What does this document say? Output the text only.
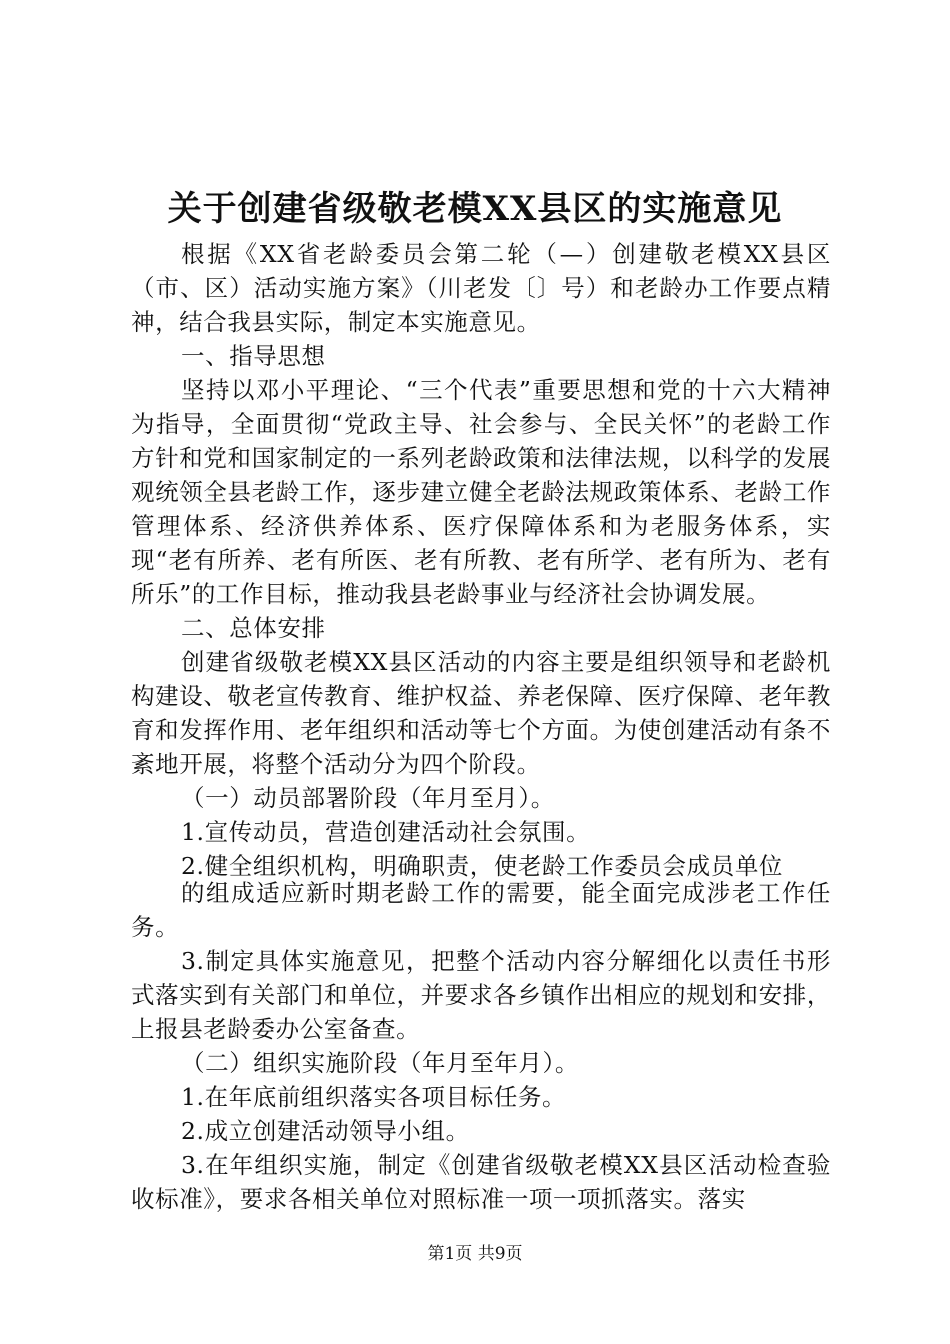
关于创建省级敬老模XX县区的实施意见

根据《XX省老龄委员会第二轮（—）创建敬老模XX县区（市、区）活动实施方案》（川老发〔〕号）和老龄办工作要点精神，结合我县实际，制定本实施意见。

一、指导思想

坚持以邓小平理论、“三个代表”重要思想和党的十六大精神为指导，全面贯彻“党政主导、社会参与、全民关怀”的老龄工作方针和党和国家制定的一系列老龄政策和法律法规，以科学的发展观统领全县老龄工作，逐步建立健全老龄法规政策体系、老龄工作管理体系、经济供养体系、医疗保障体系和为老服务体系，实现“老有所养、老有所医、老有所教、老有所学、老有所为、老有所乐”的工作目标，推动我县老龄事业与经济社会协调发展。

二、总体安排

创建省级敬老模XX县区活动的内容主要是组织领导和老龄机构建设、敬老宣传教育、维护权益、养老保障、医疗保障、老年教育和发挥作用、老年组织和活动等七个方面。为使创建活动有条不紊地开展，将整个活动分为四个阶段。

（一）动员部署阶段（年月至月）。

1.宣传动员，营造创建活动社会氛围。

2.健全组织机构，明确职责，使老龄工作委员会成员单位

的组成适应新时期老龄工作的需要，能全面完成涉老工作任务。

3.制定具体实施意见，把整个活动内容分解细化以责任书形式落实到有关部门和单位，并要求各乡镇作出相应的规划和安排，上报县老龄委办公室备查。

（二）组织实施阶段（年月至年月）。

1.在年底前组织落实各项目标任务。

2.成立创建活动领导小组。

3.在年组织实施，制定《创建省级敬老模XX县区活动检查验收标准》，要求各相关单位对照标准一项一项抓落实。落实

第1页 共9页
